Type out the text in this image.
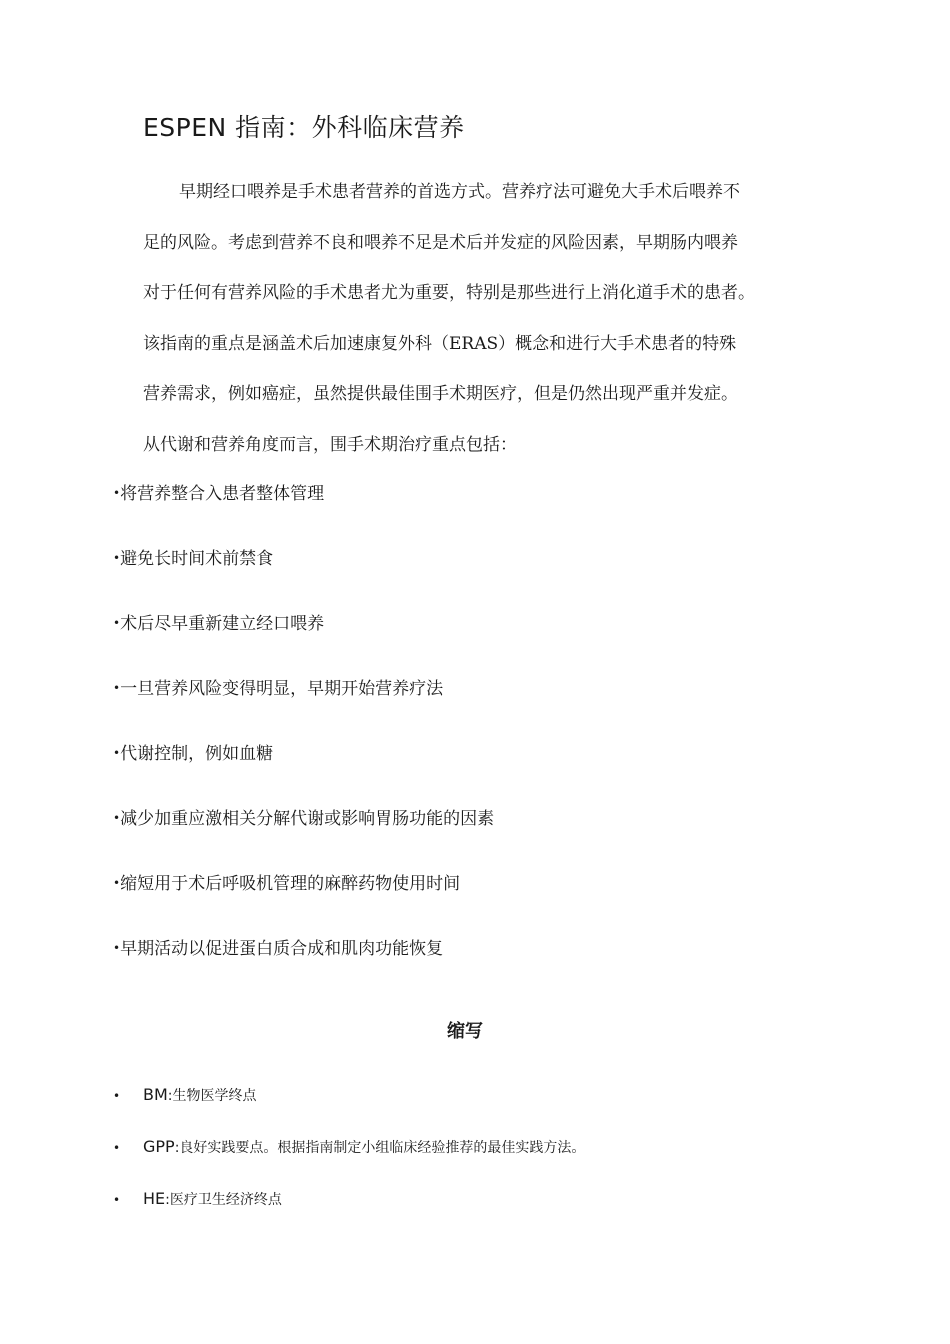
ESPEN 指南：外科临床营养

早期经口喂养是手术患者营养的首选方式。营养疗法可避免大手术后喂养不

足的风险。考虑到营养不良和喂养不足是术后并发症的风险因素，早期肠内喂养

对于任何有营养风险的手术患者尤为重要，特别是那些进行上消化道手术的患者。

该指南的重点是涵盖术后加速康复外科（ERAS）概念和进行大手术患者的特殊

营养需求，例如癌症，虽然提供最佳围手术期医疗，但是仍然出现严重并发症。

从代谢和营养角度而言，围手术期治疗重点包括：

•将营养整合入患者整体管理
•避免长时间术前禁食
•术后尽早重新建立经口喂养
•一旦营养风险变得明显，早期开始营养疗法
•代谢控制，例如血糖
•减少加重应激相关分解代谢或影响胃肠功能的因素
•缩短用于术后呼吸机管理的麻醉药物使用时间
•早期活动以促进蛋白质合成和肌肉功能恢复
缩写
• BM:生物医学终点
• GPP:良好实践要点。根据指南制定小组临床经验推荐的最佳实践方法。
• HE:医疗卫生经济终点
